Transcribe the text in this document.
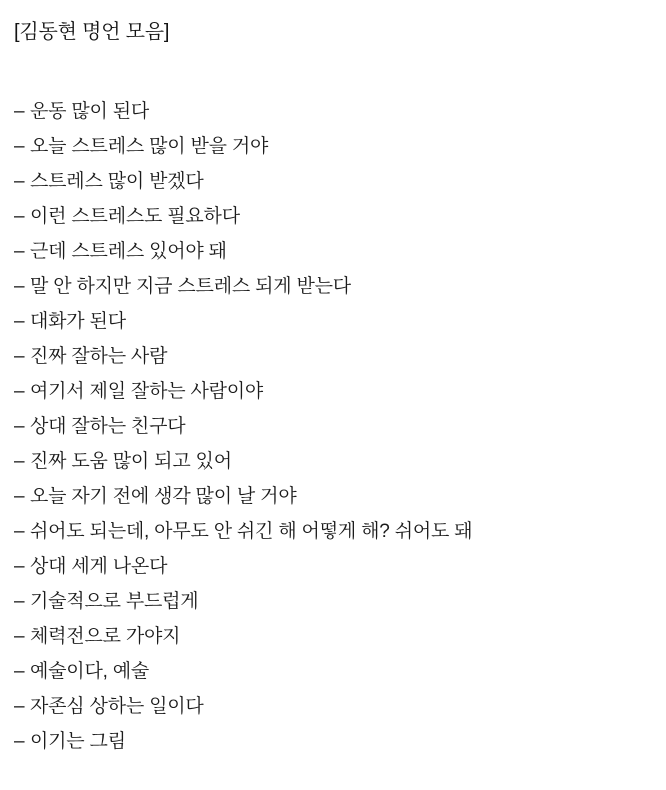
[김동현 명언 모음]
– 운동 많이 된다
– 오늘 스트레스 많이 받을 거야
– 스트레스 많이 받겠다
– 이런 스트레스도 필요하다
– 근데 스트레스 있어야 돼
– 말 안 하지만 지금 스트레스 되게 받는다
– 대화가 된다
– 진짜 잘하는 사람
– 여기서 제일 잘하는 사람이야
– 상대 잘하는 친구다
– 진짜 도움 많이 되고 있어
– 오늘 자기 전에 생각 많이 날 거야
– 쉬어도 되는데, 아무도 안 쉬긴 해 어떻게 해? 쉬어도 돼
– 상대 세게 나온다
– 기술적으로 부드럽게
– 체력전으로 가야지
– 예술이다, 예술
– 자존심 상하는 일이다
– 이기는 그림
